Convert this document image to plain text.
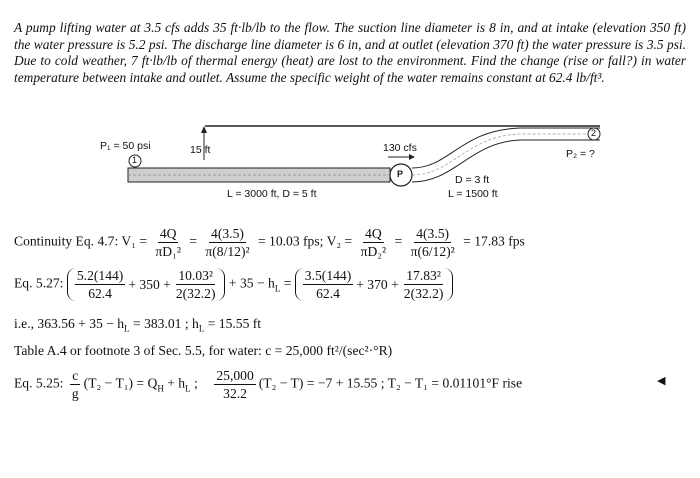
A pump lifting water at 3.5 cfs adds 35 ft·lb/lb to the flow. The suction line diameter is 8 in, and at intake (elevation 350 ft) the water pressure is 5.2 psi. The discharge line diameter is 6 in, and at outlet (elevation 370 ft) the water pressure is 3.5 psi. Due to cold weather, 7 ft·lb/lb of thermal energy (heat) are lost to the environment. Find the change (rise or fall?) in water temperature between intake and outlet. Assume the specific weight of the water remains constant at 62.4 lb/ft³.
P₁ = 50 psi
1
15 ft	130 cfs
P
2
P₂ = ?
D = 3 ft
L = 1500 ft
L = 3000 ft, D = 5 ft
Continuity Eq. 4.7: $V_1 = \frac{4Q}{\text{πD₁²}} = \frac{4(3.5)}{\text{π(8/12)²}} = 10.03$ fps; $V_2 = \frac{4Q}{\text{πD₂²}} = \frac{4(3.5)}{\text{π(6/12)²}} = 17.83$ fps
Eq. 5.27: $\frac{5.2(144)}{62.4} + 350 + \frac{\text{10.03²}}{2(32.2)} + 35 - h_L = \frac{3.5(144)}{62.4} + 370 + \frac{\text{17.83²}}{2(32.2)}$
i.e., $363.56 + 35 - h_L = 383.01$ ; $h_L = 15.55$ ft
Table A.4 or footnote 3 of Sec. 5.5, for water: c = 25,000 ft²/(sec²·°R)
Eq. 5.25: $\frac{c}{g} (T_2 - T_1) = Q_H + h_L$ ; $\frac{25,000}{32.2} (T_2 - T) = -7 + 15.55$ ; T₂ − T₁ = 0.01101°F rise	◀
